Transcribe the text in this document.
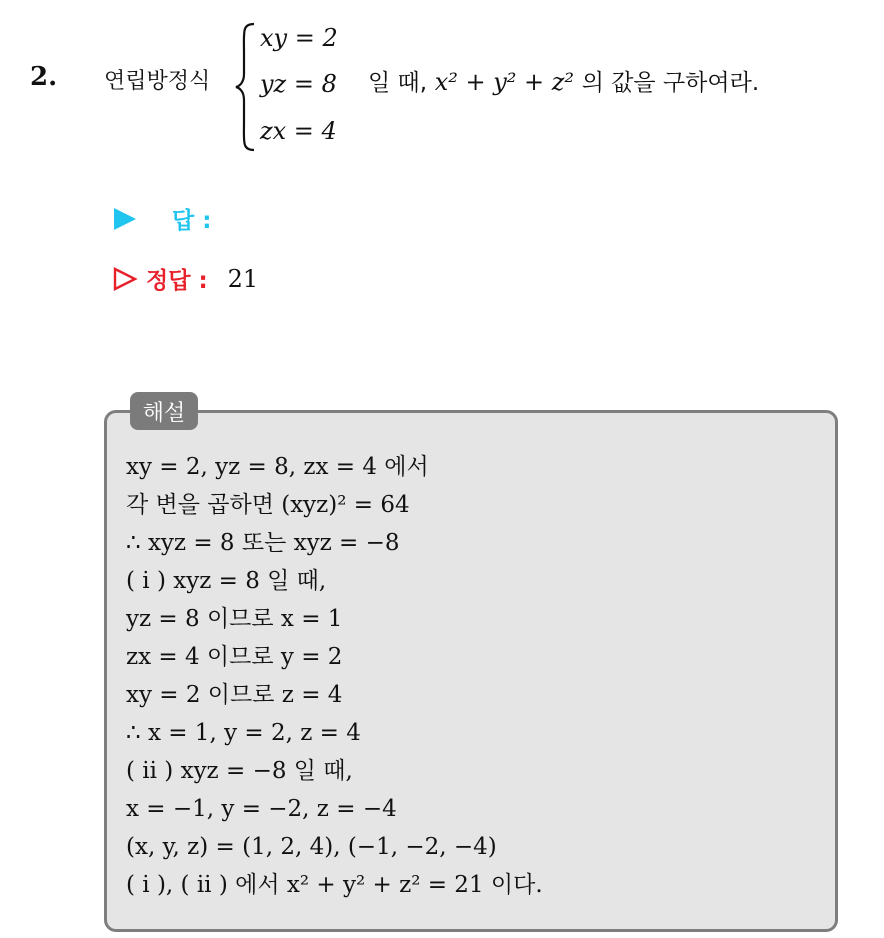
2. 연립방정식
xy = 2
yz = 8
zx = 4
일 때, x² + y² + z² 의 값을 구하여라.
답 :
정답 : 21
해설
xy = 2, yz = 8, zx = 4 에서
각 변을 곱하면 (xyz)² = 64
∴ xyz = 8 또는 xyz = −8
( i ) xyz = 8 일 때,
yz = 8 이므로 x = 1
zx = 4 이므로 y = 2
xy = 2 이므로 z = 4
∴ x = 1, y = 2, z = 4
( ii ) xyz = −8 일 때,
x = −1, y = −2, z = −4
(x, y, z) = (1, 2, 4), (−1, −2, −4)
( i ), ( ii ) 에서 x² + y² + z² = 21 이다.
